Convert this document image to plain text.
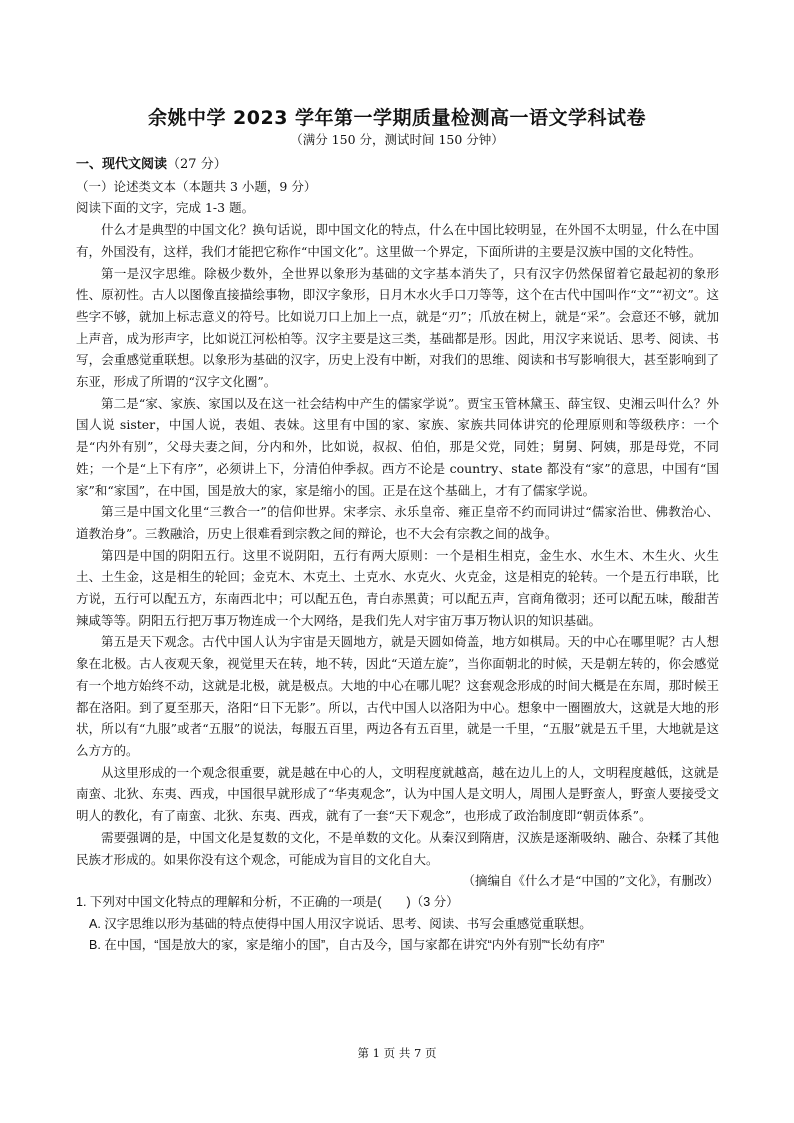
余姚中学 2023 学年第一学期质量检测高一语文学科试卷
（满分 150 分，测试时间 150 分钟）

一、现代文阅读（27 分）

（一）论述类文本（本题共 3 小题，9 分）

阅读下面的文字，完成 1-3 题。

什么才是典型的中国文化？换句话说，即中国文化的特点，什么在中国比较明显，在外国不太明显，什么在中国有，外国没有，这样，我们才能把它称作“中国文化”。这里做一个界定，下面所讲的主要是汉族中国的文化特性。

第一是汉字思维。除极少数外，全世界以象形为基础的文字基本消失了，只有汉字仍然保留着它最起初的象形性、原初性。古人以图像直接描绘事物，即汉字象形，日月木水火手口刀等等，这个在古代中国叫作“文”“初文”。这些字不够，就加上标志意义的符号。比如说刀口上加上一点，就是“刃”；爪放在树上，就是“采”。会意还不够，就加上声音，成为形声字，比如说江河松柏等。汉字主要是这三类，基础都是形。因此，用汉字来说话、思考、阅读、书写，会重感觉重联想。以象形为基础的汉字，历史上没有中断，对我们的思维、阅读和书写影响很大，甚至影响到了东亚，形成了所谓的“汉字文化圈”。

第二是“家、家族、家国以及在这一社会结构中产生的儒家学说”。贾宝玉管林黛玉、薛宝钗、史湘云叫什么？外国人说 sister，中国人说，表姐、表妹。这里有中国的家、家族、家族共同体讲究的伦理原则和等级秩序：一个是“内外有别”，父母夫妻之间，分内和外，比如说，叔叔、伯伯，那是父党，同姓；舅舅、阿姨，那是母党，不同姓；一个是“上下有序”，必须讲上下，分清伯仲季叔。西方不论是 country、state 都没有“家”的意思，中国有“国家”和“家国”，在中国，国是放大的家，家是缩小的国。正是在这个基础上，才有了儒家学说。

第三是中国文化里“三教合一”的信仰世界。宋孝宗、永乐皇帝、雍正皇帝不约而同讲过“儒家治世、佛教治心、道教治身”。三教融洽，历史上很难看到宗教之间的辩论，也不大会有宗教之间的战争。

第四是中国的阴阳五行。这里不说阴阳，五行有两大原则：一个是相生相克，金生水、水生木、木生火、火生土、土生金，这是相生的轮回；金克木、木克土、土克水、水克火、火克金，这是相克的轮转。一个是五行串联，比方说，五行可以配五方，东南西北中；可以配五色，青白赤黑黄；可以配五声，宫商角徵羽；还可以配五味，酸甜苦辣咸等等。阴阳五行把万事万物连成一个大网络，是我们先人对宇宙万事万物认识的知识基础。

第五是天下观念。古代中国人认为宇宙是天圆地方，就是天圆如倚盖，地方如棋局。天的中心在哪里呢？古人想象在北极。古人夜观天象，视觉里天在转，地不转，因此“天道左旋”，当你面朝北的时候，天是朝左转的，你会感觉有一个地方始终不动，这就是北极，就是极点。大地的中心在哪儿呢？这套观念形成的时间大概是在东周，那时候王都在洛阳。到了夏至那天，洛阳“日下无影”。所以，古代中国人以洛阳为中心。想象中一圈圈放大，这就是大地的形状，所以有“九服”或者“五服”的说法，每服五百里，两边各有五百里，就是一千里，“五服”就是五千里，大地就是这么方方的。

从这里形成的一个观念很重要，就是越在中心的人，文明程度就越高，越在边儿上的人，文明程度越低，这就是南蛮、北狄、东夷、西戎，中国很早就形成了“华夷观念”，认为中国人是文明人，周围人是野蛮人，野蛮人要接受文明人的教化，有了南蛮、北狄、东夷、西戎，就有了一套“天下观念”，也形成了政治制度即“朝贡体系”。

需要强调的是，中国文化是复数的文化，不是单数的文化。从秦汉到隋唐，汉族是逐渐吸纳、融合、杂糅了其他民族才形成的。如果你没有这个观念，可能成为盲目的文化自大。

（摘编自《什么才是“中国的”文化》，有删改）

1. 下列对中国文化特点的理解和分析，不正确的一项是(　　)（3 分）

A. 汉字思维以形为基础的特点使得中国人用汉字说话、思考、阅读、书写会重感觉重联想。

B. 在中国，“国是放大的家，家是缩小的国”，自古及今，国与家都在讲究“内外有别”“长幼有序”

第 1 页 共 7 页
